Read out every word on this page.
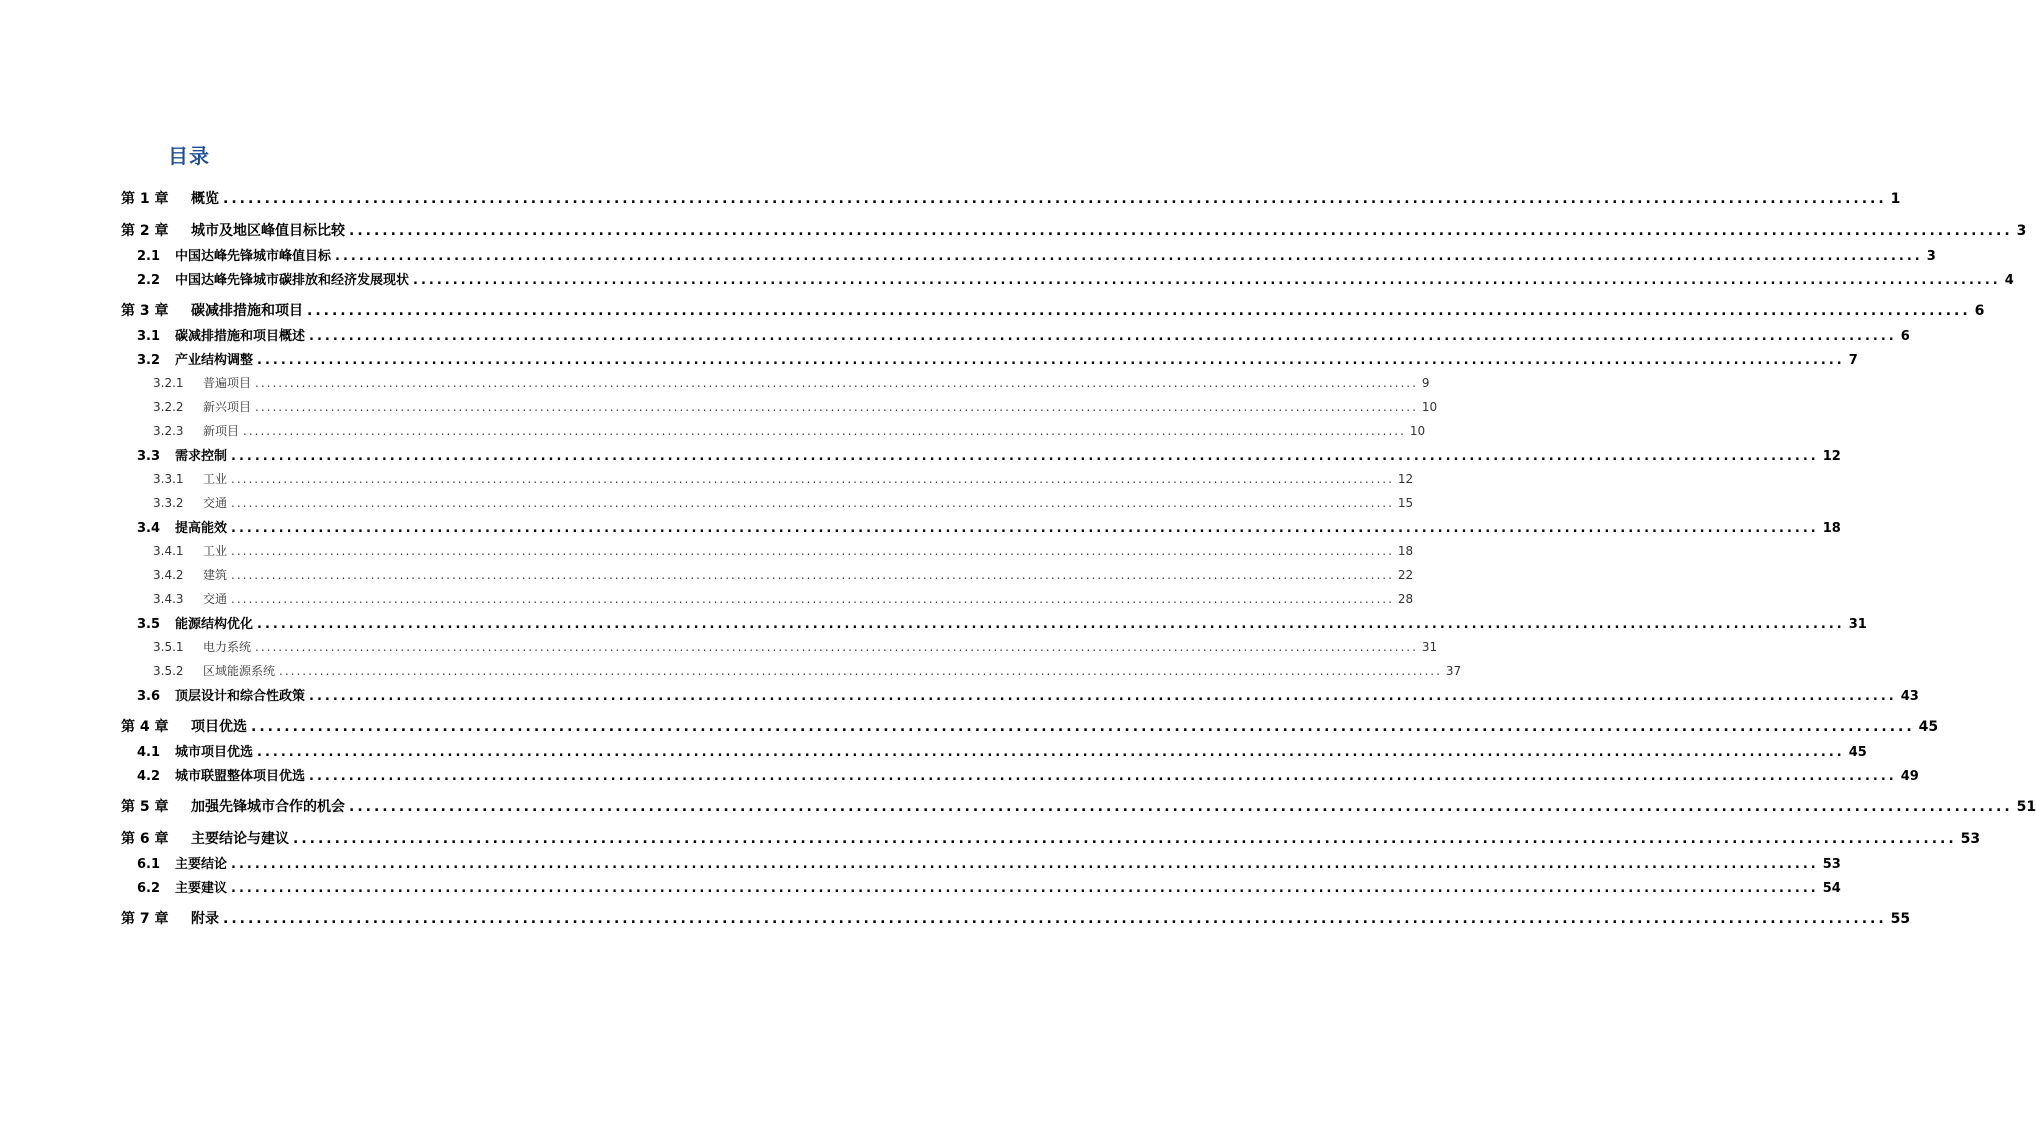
目录
第 1 章	概览 ........................................................................................................................................................................................................ 1
第 2 章	城市及地区峰值目标比较 ........................................................................................................................................................................................................ 3
2.1	中国达峰先锋城市峰值目标 ........................................................................................................................................................................................................ 3
2.2	中国达峰先锋城市碳排放和经济发展现状 ........................................................................................................................................................................................................ 4
第 3 章	碳减排措施和项目 ........................................................................................................................................................................................................ 6
3.1	碳减排措施和项目概述 ........................................................................................................................................................................................................ 6
3.2	产业结构调整 ........................................................................................................................................................................................................ 7
3.2.1	普遍项目 ........................................................................................................................................................................................................ 9
3.2.2	新兴项目 ........................................................................................................................................................................................................ 10
3.2.3	新项目 ........................................................................................................................................................................................................ 10
3.3	需求控制 ........................................................................................................................................................................................................ 12
3.3.1	工业 ........................................................................................................................................................................................................ 12
3.3.2	交通 ........................................................................................................................................................................................................ 15
3.4	提高能效 ........................................................................................................................................................................................................ 18
3.4.1	工业 ........................................................................................................................................................................................................ 18
3.4.2	建筑 ........................................................................................................................................................................................................ 22
3.4.3	交通 ........................................................................................................................................................................................................ 28
3.5	能源结构优化 ........................................................................................................................................................................................................ 31
3.5.1	电力系统 ........................................................................................................................................................................................................ 31
3.5.2	区域能源系统 ........................................................................................................................................................................................................ 37
3.6	顶层设计和综合性政策 ........................................................................................................................................................................................................ 43
第 4 章	项目优选 ........................................................................................................................................................................................................ 45
4.1	城市项目优选 ........................................................................................................................................................................................................ 45
4.2	城市联盟整体项目优选 ........................................................................................................................................................................................................ 49
第 5 章	加强先锋城市合作的机会 ........................................................................................................................................................................................................ 51
第 6 章	主要结论与建议 ........................................................................................................................................................................................................ 53
6.1	主要结论 ........................................................................................................................................................................................................ 53
6.2	主要建议 ........................................................................................................................................................................................................ 54
第 7 章	附录 ........................................................................................................................................................................................................ 55
